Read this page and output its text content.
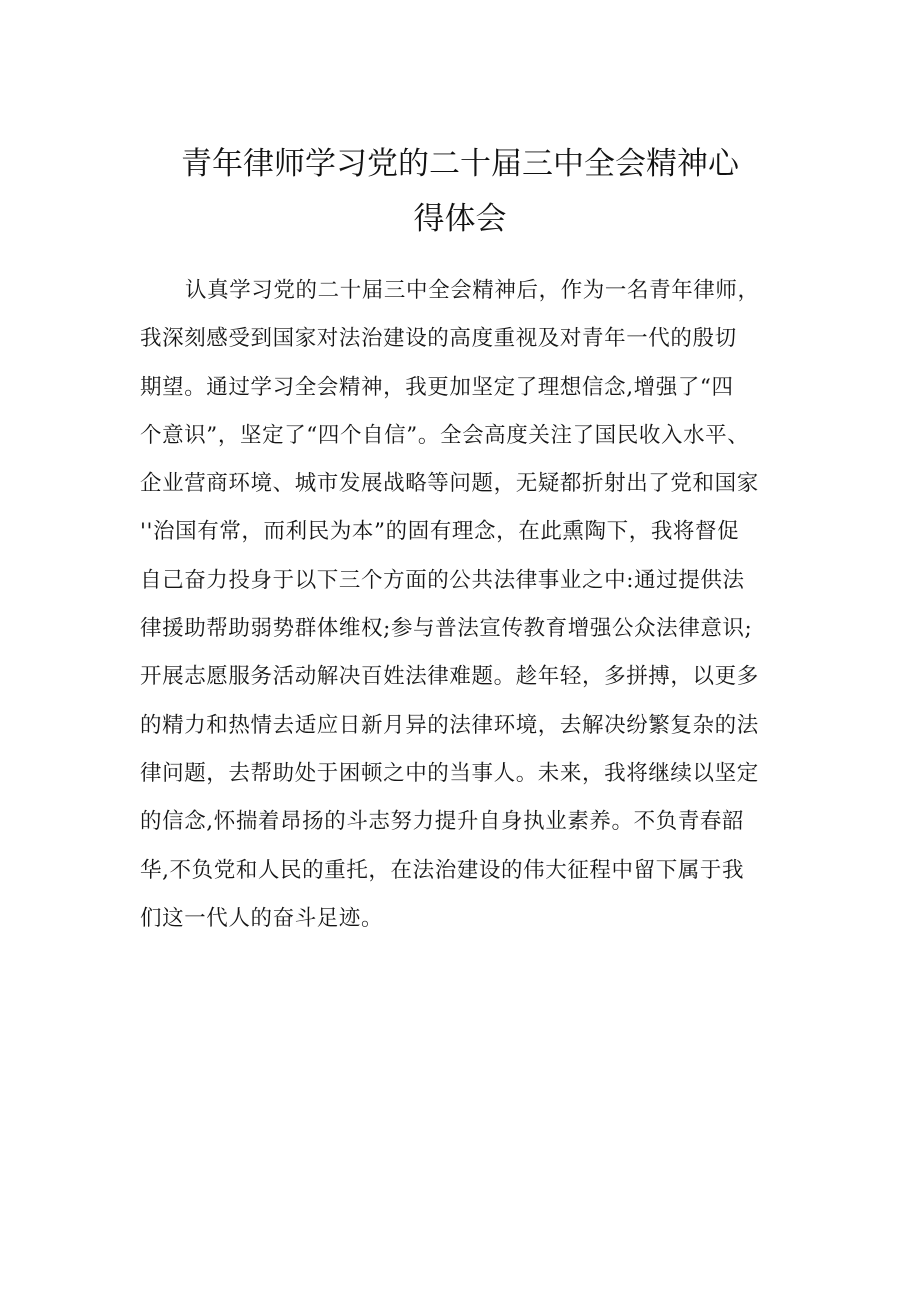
青年律师学习党的二十届三中全会精神心
得体会
认真学习党的二十届三中全会精神后，作为一名青年律师，
我深刻感受到国家对法治建设的高度重视及对青年一代的殷切
期望。通过学习全会精神，我更加坚定了理想信念,增强了“四
个意识”，坚定了“四个自信”。全会高度关注了国民收入水平、
企业营商环境、城市发展战略等问题，无疑都折射出了党和国家
''治国有常，而利民为本”的固有理念，在此熏陶下，我将督促
自己奋力投身于以下三个方面的公共法律事业之中:通过提供法
律援助帮助弱势群体维权;参与普法宣传教育增强公众法律意识;
开展志愿服务活动解决百姓法律难题。趁年轻，多拼搏，以更多
的精力和热情去适应日新月异的法律环境，去解决纷繁复杂的法
律问题，去帮助处于困顿之中的当事人。未来，我将继续以坚定
的信念,怀揣着昂扬的斗志努力提升自身执业素养。不负青春韶
华,不负党和人民的重托，在法治建设的伟大征程中留下属于我
们这一代人的奋斗足迹。
